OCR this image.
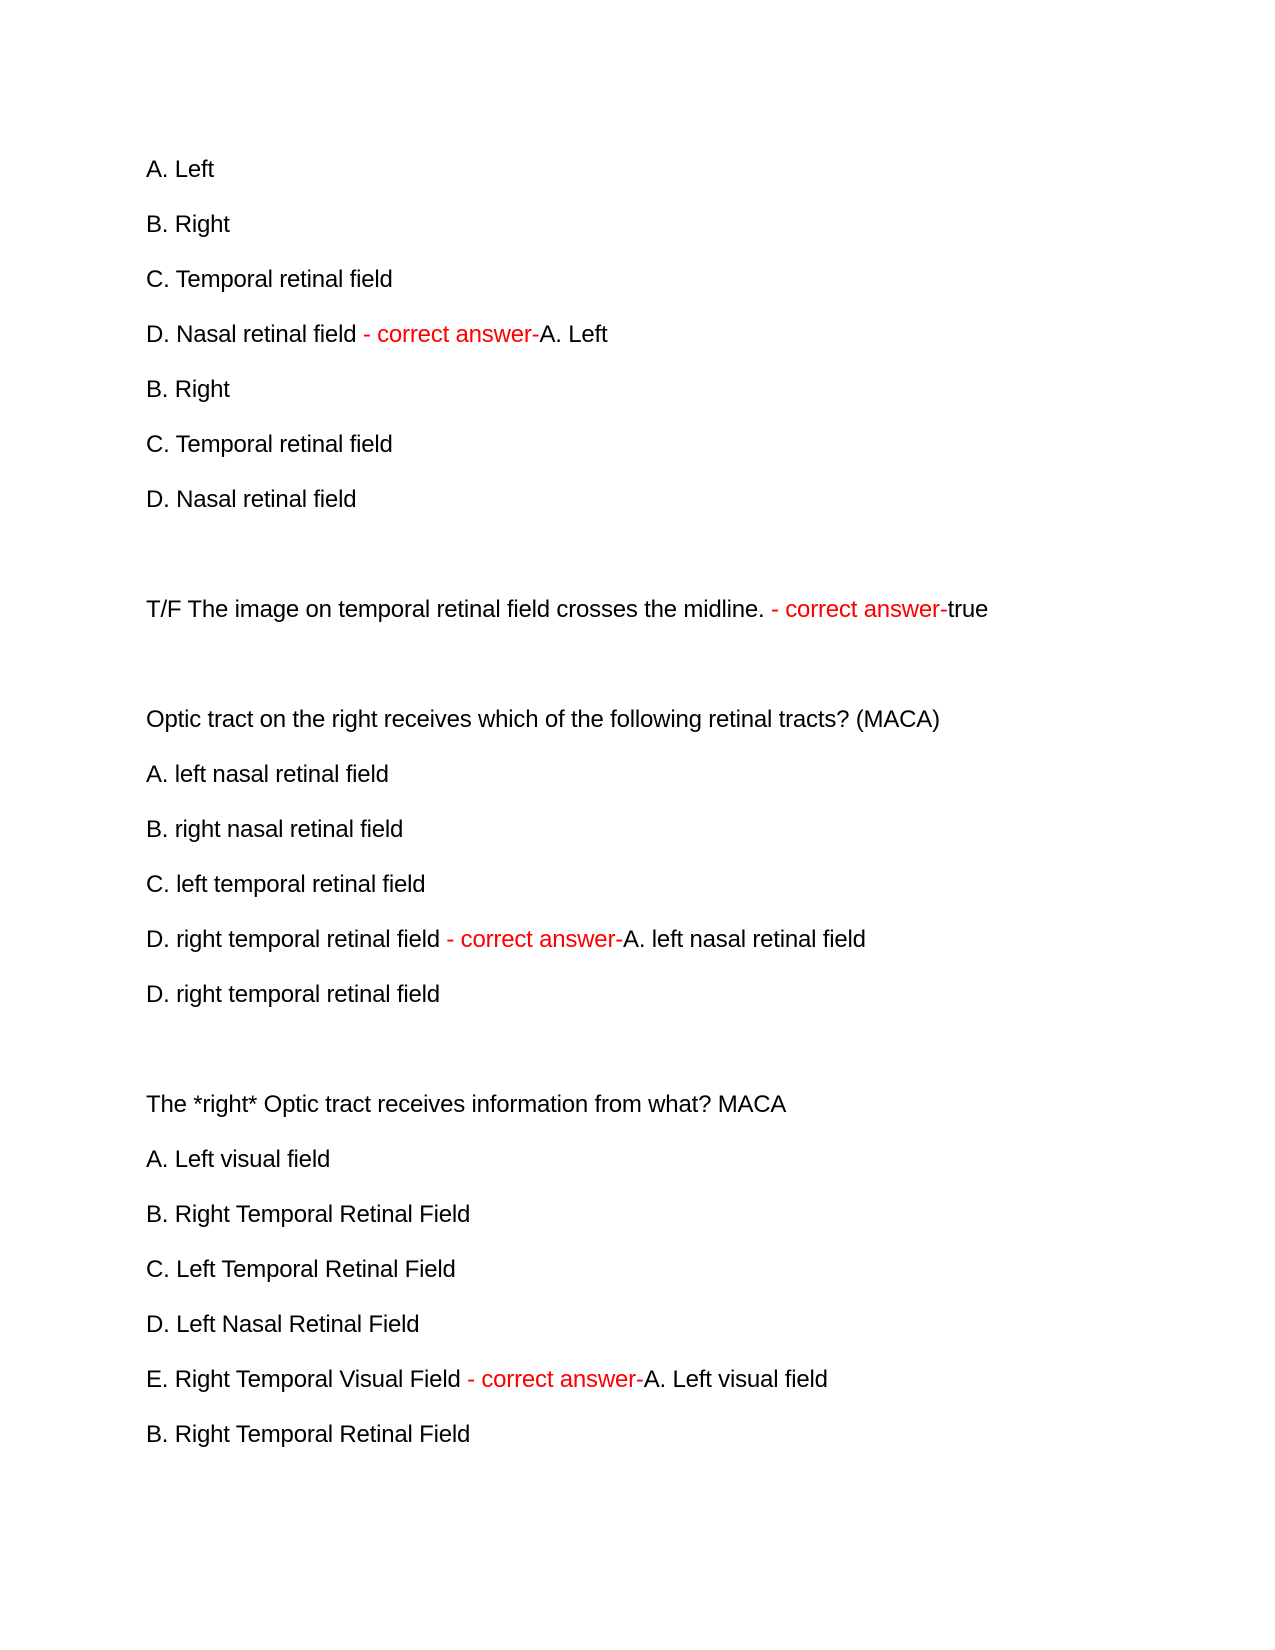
A. Left
B. Right
C. Temporal retinal field
D. Nasal retinal field - correct answer-A. Left
B. Right
C. Temporal retinal field
D. Nasal retinal field
T/F The image on temporal retinal field crosses the midline. - correct answer-true
Optic tract on the right receives which of the following retinal tracts? (MACA)
A. left nasal retinal field
B. right nasal retinal field
C. left temporal retinal field
D. right temporal retinal field - correct answer-A. left nasal retinal field
D. right temporal retinal field
The *right* Optic tract receives information from what? MACA
A. Left visual field
B. Right Temporal Retinal Field
C. Left Temporal Retinal Field
D. Left Nasal Retinal Field
E. Right Temporal Visual Field - correct answer-A. Left visual field
B. Right Temporal Retinal Field
